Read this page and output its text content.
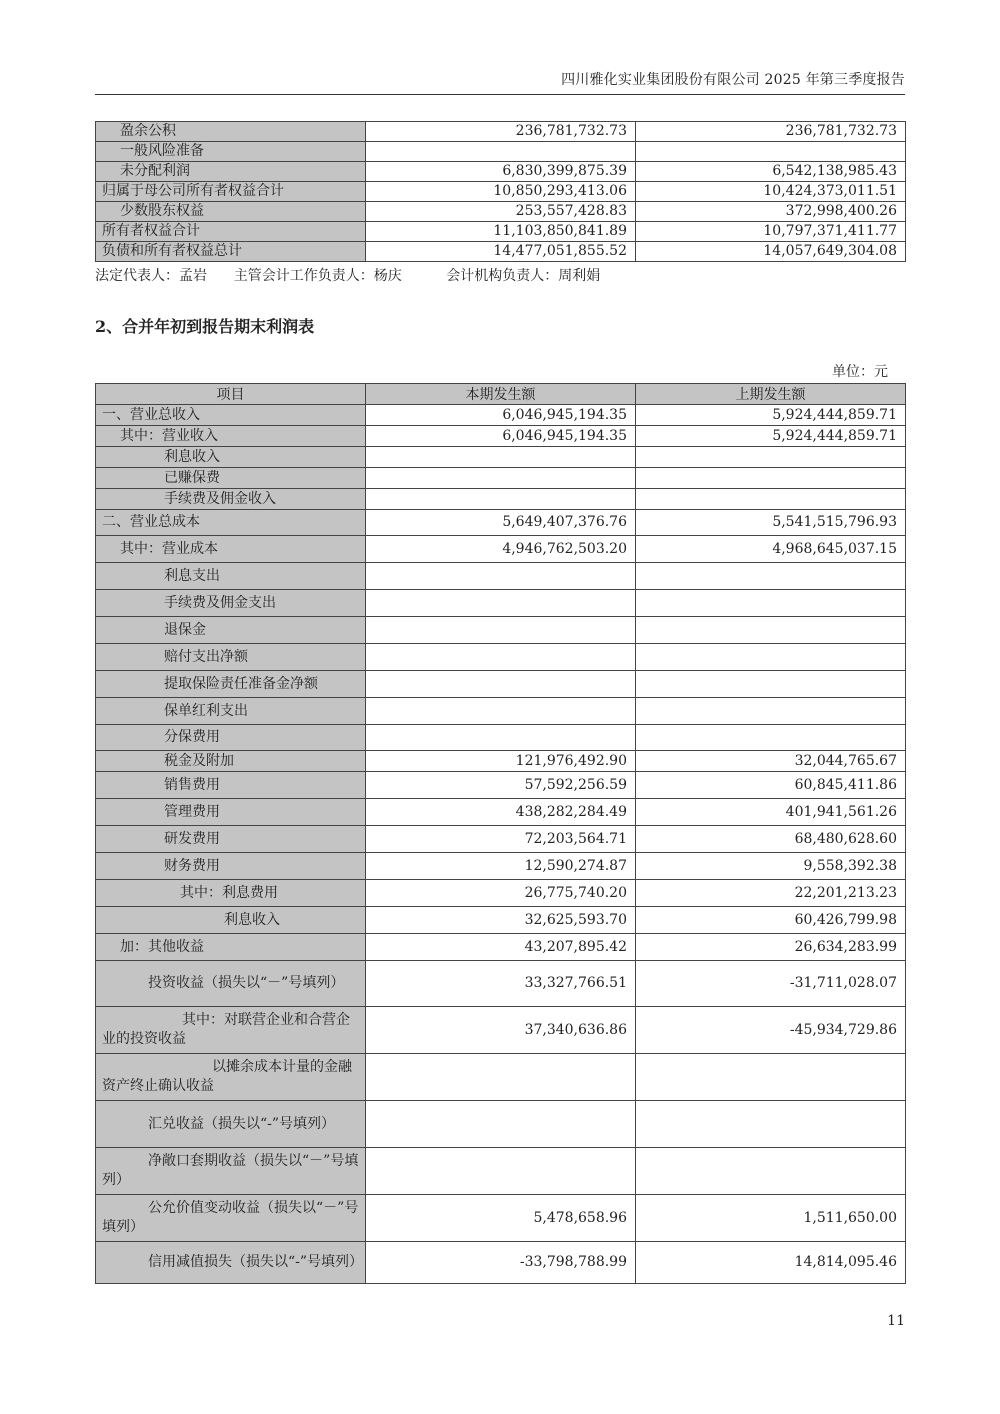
四川雅化实业集团股份有限公司 2025 年第三季度报告
盈余公积	236,781,732.73	236,781,732.73
一般风险准备		
未分配利润	6,830,399,875.39	6,542,138,985.43
归属于母公司所有者权益合计	10,850,293,413.06	10,424,373,011.51
少数股东权益	253,557,428.83	372,998,400.26
所有者权益合计	11,103,850,841.89	10,797,371,411.77
负债和所有者权益总计	14,477,051,855.52	14,057,649,304.08
法定代表人：孟岩      主管会计工作负责人：杨庆          会计机构负责人：周利娟
2、合并年初到报告期末利润表
单位：元
项目	本期发生额	上期发生额
一、营业总收入	6,046,945,194.35	5,924,444,859.71
其中：营业收入	6,046,945,194.35	5,924,444,859.71
利息收入		
已赚保费		
手续费及佣金收入		
二、营业总成本	5,649,407,376.76	5,541,515,796.93
其中：营业成本	4,946,762,503.20	4,968,645,037.15
利息支出		
手续费及佣金支出		
退保金		
赔付支出净额		
提取保险责任准备金净额		
保单红利支出		
分保费用		
税金及附加	121,976,492.90	32,044,765.67
销售费用	57,592,256.59	60,845,411.86
管理费用	438,282,284.49	401,941,561.26
研发费用	72,203,564.71	68,480,628.60
财务费用	12,590,274.87	9,558,392.38
其中：利息费用	26,775,740.20	22,201,213.23
利息收入	32,625,593.70	60,426,799.98
加：其他收益	43,207,895.42	26,634,283.99
投资收益（损失以“－”号填列）	33,327,766.51	-31,711,028.07
其中：对联营企业和合营企业的投资收益	37,340,636.86	-45,934,729.86
以摊余成本计量的金融资产终止确认收益		
汇兑收益（损失以“-”号填列）		
净敞口套期收益（损失以“－”号填列）		
公允价值变动收益（损失以“－”号填列）	5,478,658.96	1,511,650.00
信用减值损失（损失以“-”号填列）	-33,798,788.99	14,814,095.46
11
